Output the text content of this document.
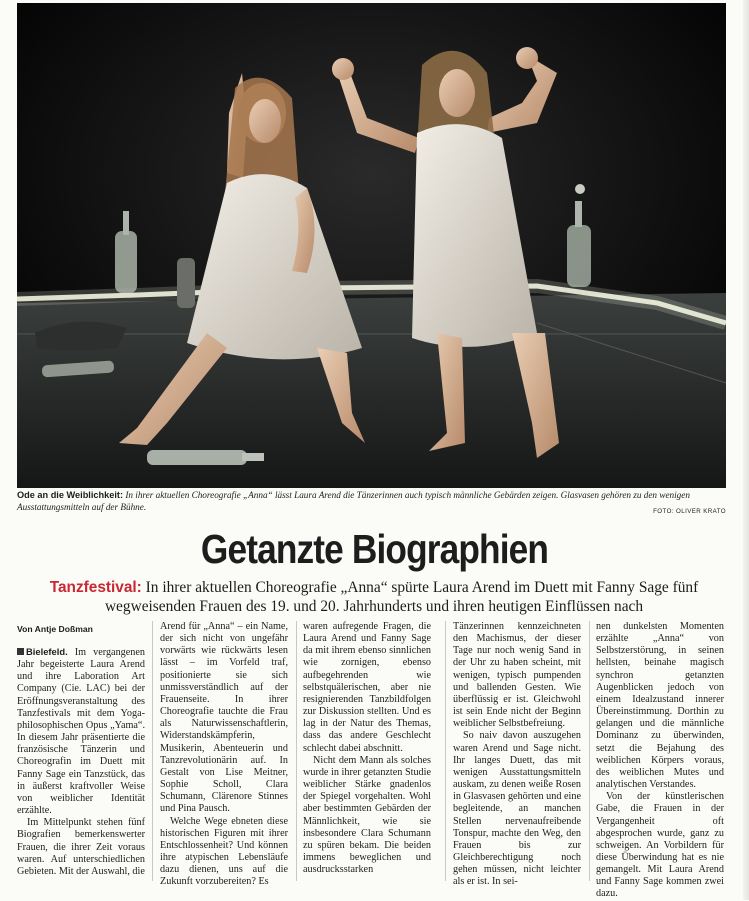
Ode an die Weiblichkeit: In ihrer aktuellen Choreografie „Anna“ lässt Laura Arend die Tänzerinnen auch typisch männliche Gebärden zeigen. Glasvasen gehören zu den wenigen Ausstattungsmitteln auf der Bühne.	FOTO: OLIVER KRATO
Getanzte Biographien
Tanzfestival: In ihrer aktuellen Choreografie „Anna“ spürte Laura Arend im Duett mit Fanny Sage fünf wegweisenden Frauen des 19. und 20. Jahrhunderts und ihren heutigen Einflüssen nach
Von Antje Doßman

Bielefeld. Im vergangenen Jahr begeisterte Laura Arend und ihre Laboration Art Company (Cie. LAC) bei der Eröffnungsveranstaltung des Tanzfestivals mit dem Yoga-philosophischen Opus „Yama“. In diesem Jahr präsentierte die französische Tänzerin und Choreografin im Duett mit Fanny Sage ein Tanzstück, das in äußerst kraftvoller Weise von weiblicher Identität erzählte.

Im Mittelpunkt stehen fünf Biografien bemerkenswerter Frauen, die ihrer Zeit voraus waren. Auf unterschiedlichen Gebieten. Mit der Auswahl, die

Arend für „Anna“ – ein Name, der sich nicht von ungefähr vorwärts wie rückwärts lesen lässt – im Vorfeld traf, positionierte sie sich unmissverständlich auf der Frauenseite. In ihrer Choreografie tauchte die Frau als Naturwissenschaftlerin, Widerstandskämpferin, Musikerin, Abenteuerin und Tanzrevolutionärin auf. In Gestalt von Lise Meitner, Sophie Scholl, Clara Schumann, Clärenore Stinnes und Pina Pausch.

Welche Wege ebneten diese historischen Figuren mit ihrer Entschlossenheit? Und können ihre atypischen Lebensläufe dazu dienen, uns auf die Zukunft vorzubereiten? Es

waren aufregende Fragen, die Laura Arend und Fanny Sage da mit ihrem ebenso sinnlichen wie zornigen, ebenso aufbegehrenden wie selbstquälerischen, aber nie resignierenden Tanzbildfolgen zur Diskussion stellten. Und es lag in der Natur des Themas, dass das andere Geschlecht schlecht dabei abschnitt.

Nicht dem Mann als solches wurde in ihrer getanzten Studie weiblicher Stärke gnadenlos der Spiegel vorgehalten. Wohl aber bestimmten Gebärden der Männlichkeit, wie sie insbesondere Clara Schumann zu spüren bekam. Die beiden immens beweglichen und ausdrucksstarken

Tänzerinnen kennzeichneten den Machismus, der dieser Tage nur noch wenig Sand in der Uhr zu haben scheint, mit wenigen, typisch pumpenden und ballenden Gesten. Wie überflüssig er ist. Gleichwohl ist sein Ende nicht der Beginn weiblicher Selbstbefreiung.

So naiv davon auszugehen waren Arend und Sage nicht. Ihr langes Duett, das mit wenigen Ausstattungsmitteln auskam, zu denen weiße Rosen in Glasvasen gehörten und eine begleitende, an manchen Stellen nervenaufreibende Tonspur, machte den Weg, den Frauen bis zur Gleichberechtigung noch gehen müssen, nicht leichter als er ist. In sei-

nen dunkelsten Momenten erzählte „Anna“ von Selbstzerstörung, in seinen hellsten, beinahe magisch synchron getanzten Augenblicken jedoch von einem Idealzustand innerer Übereinstimmung. Dorthin zu gelangen und die männliche Dominanz zu überwinden, setzt die Bejahung des weiblichen Körpers voraus, des weiblichen Mutes und analytischen Verstandes.

Von der künstlerischen Gabe, die Frauen in der Vergangenheit oft abgesprochen wurde, ganz zu schweigen. An Vorbildern für diese Überwindung hat es nie gemangelt. Mit Laura Arend und Fanny Sage kommen zwei dazu.
